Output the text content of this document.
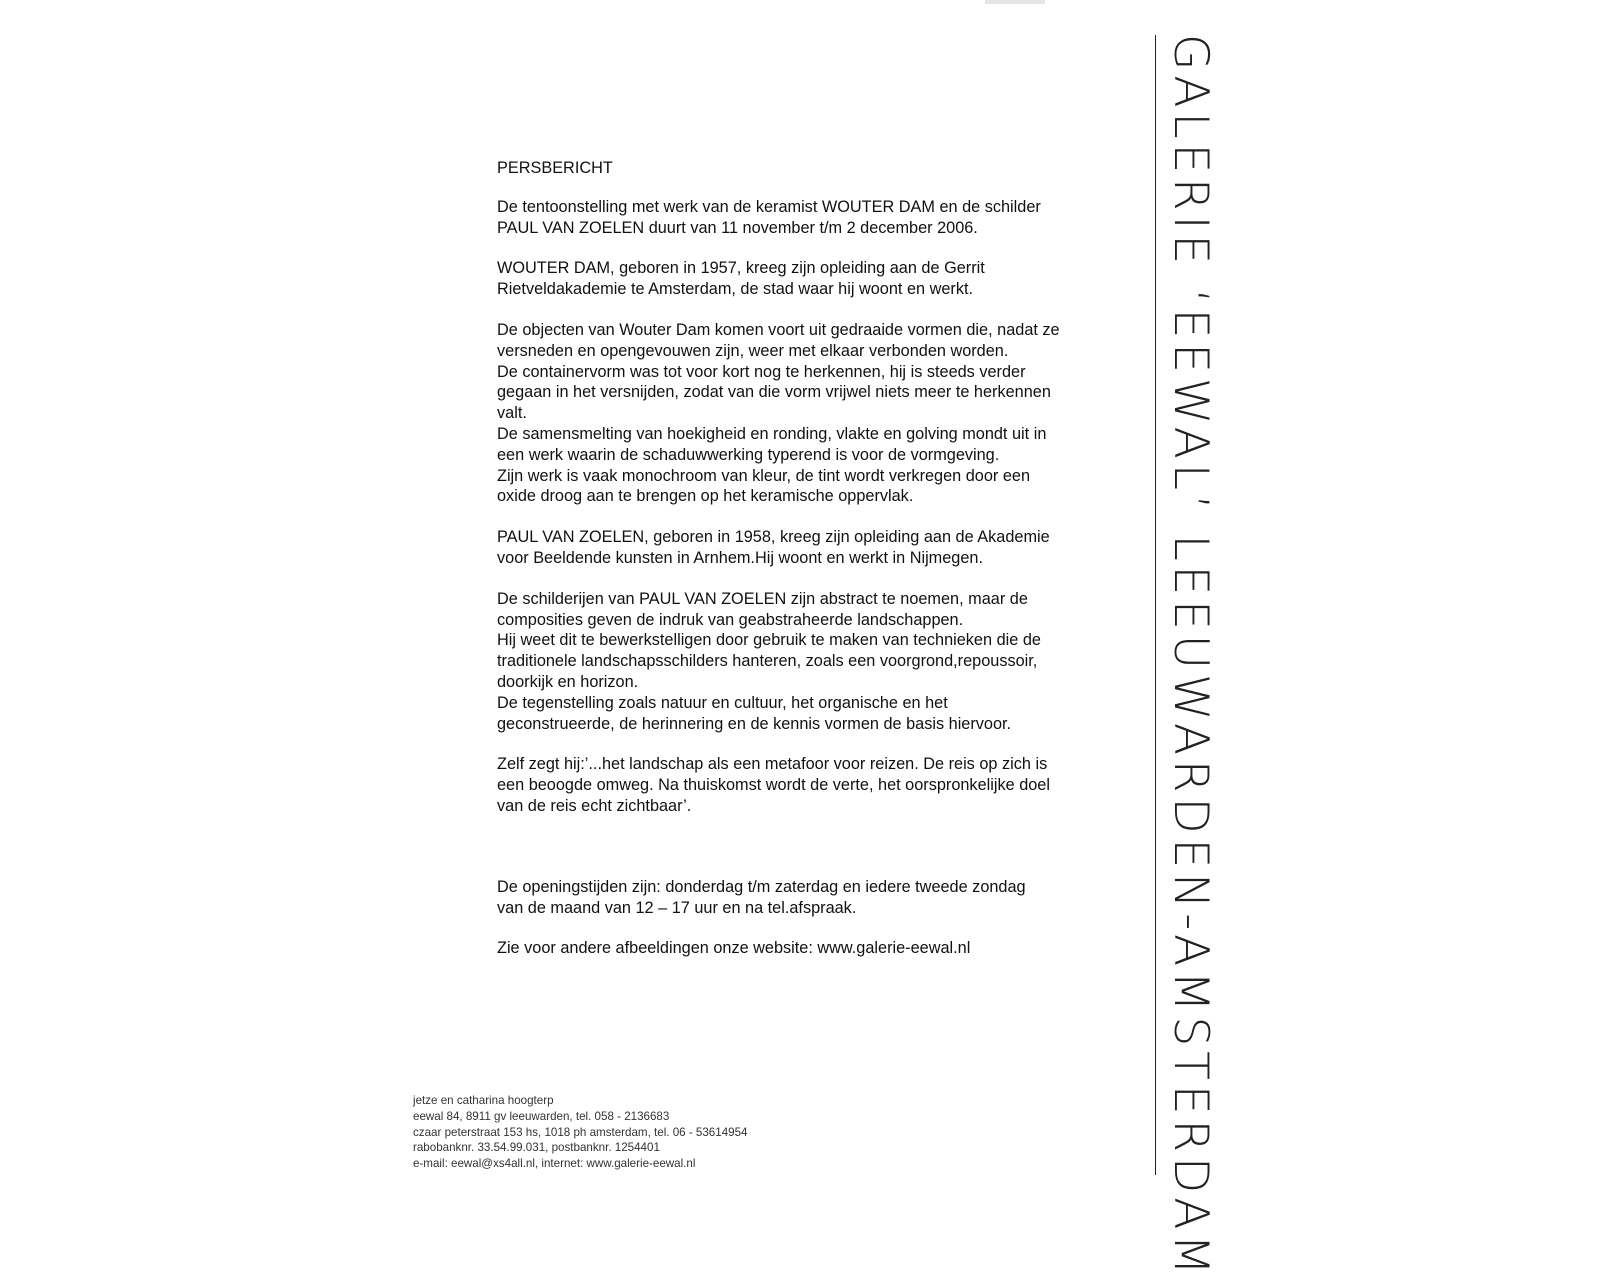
PERSBERICHT
De tentoonstelling met werk van de keramist WOUTER DAM en de schilder
PAUL VAN ZOELEN duurt van 11 november t/m 2 december 2006.
WOUTER DAM, geboren in 1957, kreeg zijn opleiding aan de Gerrit
Rietveldakademie te Amsterdam, de stad waar hij woont en werkt.
De objecten van Wouter Dam komen voort uit gedraaide vormen die, nadat ze
versneden en opengevouwen zijn, weer met elkaar verbonden worden.
De containervorm was tot voor kort nog te herkennen, hij is steeds verder
gegaan in het versnijden, zodat van die vorm vrijwel niets meer te herkennen
valt.
De samensmelting van hoekigheid en ronding, vlakte en golving mondt uit in
een werk waarin de schaduwwerking typerend is voor de vormgeving.
Zijn werk is vaak monochroom van kleur, de tint wordt verkregen door een
oxide droog aan te brengen op het keramische oppervlak.
PAUL VAN ZOELEN, geboren in 1958, kreeg zijn opleiding aan de Akademie
voor Beeldende kunsten in Arnhem.Hij woont en werkt in Nijmegen.
De schilderijen van PAUL VAN ZOELEN zijn abstract te noemen, maar de
composities geven de indruk van geabstraheerde landschappen.
Hij weet dit te bewerkstelligen door gebruik te maken van technieken die de
traditionele landschapsschilders hanteren, zoals een voorgrond,repoussoir,
doorkijk en horizon.
De tegenstelling zoals natuur en cultuur, het organische en het
geconstrueerde, de herinnering en de kennis vormen de basis hiervoor.
Zelf zegt hij:’...het landschap als een metafoor voor reizen. De reis op zich is
een beoogde omweg. Na thuiskomst wordt de verte, het oorspronkelijke doel
van de reis echt zichtbaar’.
De openingstijden zijn: donderdag t/m zaterdag en iedere tweede zondag
van de maand van 12 – 17 uur en na tel.afspraak.
Zie voor andere afbeeldingen onze website: www.galerie-eewal.nl
jetze en catharina hoogterp
eewal 84, 8911 gv leeuwarden, tel. 058 - 2136683
czaar peterstraat 153 hs, 1018 ph amsterdam, tel. 06 - 53614954
rabobanknr. 33.54.99.031, postbanknr. 1254401
e-mail: eewal@xs4all.nl, internet: www.galerie-eewal.nl	GALERIE ‘EEWAL’ LEEUWARDEN-AMSTERDAM
